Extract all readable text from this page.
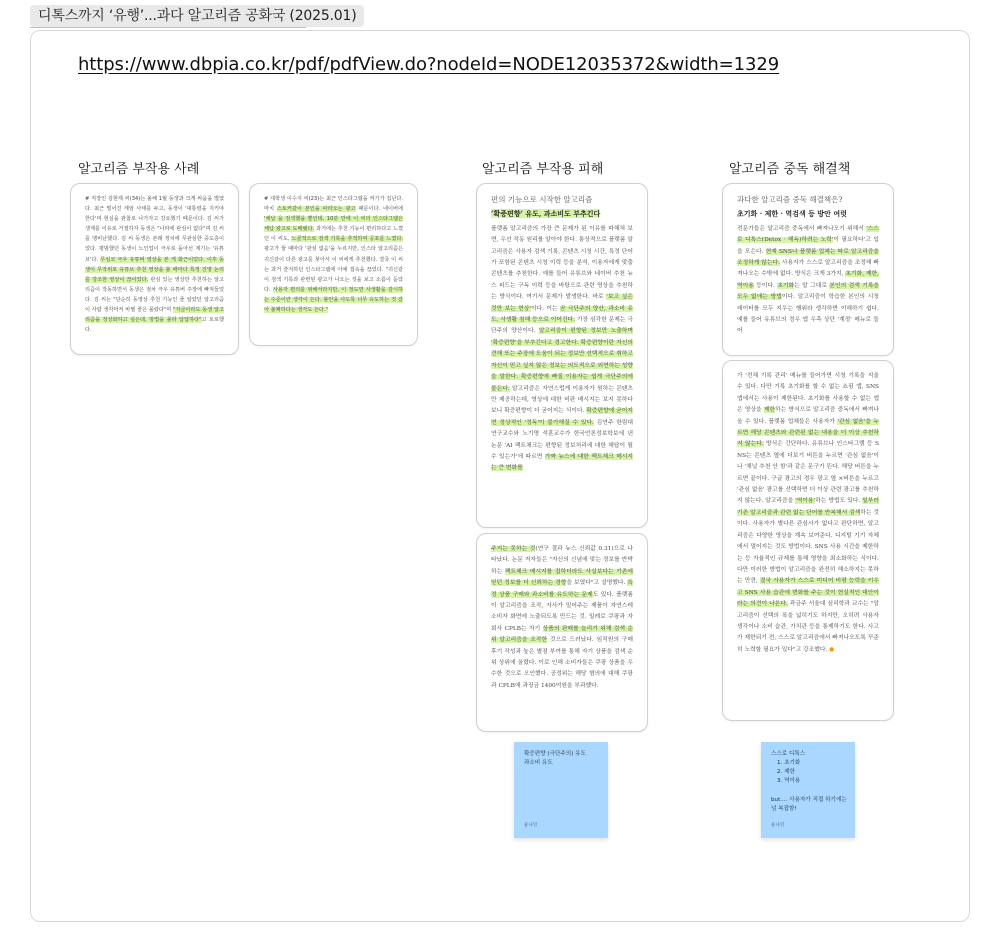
디톡스까지 ‘유행’...과다 알고리즘 공화국 (2025.01)
https://www.dbpia.co.kr/pdf/pdfView.do?nodeId=NODE12035372&width=1329
알고리즘 부작용 사례	알고리즘 부작용 피해	알고리즘 중독 해결책
# 직장인 김현재 씨(34)는 올해 1월 동생과 크게 싸움을 벌였다. 최근 벌어진 계엄 사태를 두고, 동생이 '대통령을 지키야 한다'며 현실을 관찰로 나가자고 강요했기 때문이다. 김 씨가 생계를 이유로 거절하자 동생은 "나라에 관심이 없다"며 김 씨를 맹비난했다. 김 씨 동생은 본래 정치에 무관심한 중도층이었다. 평범했던 동생이 노인업이 극우로 돌아선 계기는 '유튜브'다. 무심코 극우 유튜버 영상을 본 게 화근이었다. 이후 동생이 무작위로 유튜브 추천 영상을 볼 때마다 특정 진영 논리를 강조한 영상이 끊이었다. 관심 있는 영상만 추천하는 알고리즘이 작동하면서 동생은 점차 극우 유튜버 주장에 빠져들었다. 김 씨는 "단순히 동영상 추천 기능인 줄 알았던 알고리즘이 사람 생각마저 바뀔 줄은 몰랐다"며 "지금이라도 동생 알고리즘을 정상화하고 싶은데, 방법을 몰라 답답하다"고 토로했다.
# 대학생 이수지 씨(23)는 최근 인스타그램을 켜기가 겁난다. 마치 스토커같이 본인을 따라오는 광고 때문이다. 네이버에 '체납 을 검색했을 뿐인데, 10분 만에 이 씨의 인스타그램은 체납 광고로 도배됐다. 과거에는 추천 기능이 편리하다고 느꼈던 이 씨도, 노골적으로 검색 기록을 추적하며 공포를 느꼈다. 광고가 뜰 때마다 '관심 없음'을 누르지만, 인스타 알고리즘은 귀신같이 다른 광고를 찾아서 이 씨에게 추천했다. 결국 이 씨는 과거 즐겨하던 인스타그램에 아예 접속을 끊었다. "귀신같이 검색 기록과 관련된 광고가 나오는 것을 보고 소름이 돋았다. 사용자 편의를 위해서라지만, 이 정도면 사생활을 감시하는 수준이란 생각이 든다. 불안을 사도록 너무 유도하는 것 같아 불쾌하다는 생각도 든다."
편의 기능으로 시작한 알고리즘
‘확증편향’ 유도, 과소비도 부추긴다
플랫폼 알고리즘의 가장 큰 문제가 된 이유를 파헤쳐 보면, 우선 작동 원리를 알아야 한다. 통상적으로 플랫폼 알고리즘은 사용자 검색 기록, 콘텐츠 시청 시간, 특정 단어가 포함된 콘텐츠 시청 이력 등을 분석, 이용자에게 맞춤 콘텐츠를 추천한다. 예를 들어 유튜브와 네이버 추천 뉴스 피드는 구독 이력 등을 바탕으로 관련 영상을 추천하는 방식이다. 여기서 문제가 발생한다. 바로 '보고 싶은 것만 보는 현상'이다. 이는 곧 극단주의 양산, 과소비 유도, 사생활 침해 등으로 이어진다. 가장 심각한 문제는 극단주의 양산이다. 알고리즘이 편향된 정보만 노출하며 '확증편향'을 부추긴다고 경고한다. 확증편향이란 자신의 견해 또는 주장에 도움이 되는 정보만 선택적으로 취하고 자신이 믿고 싶지 않은 정보는 의도적으로 외면하는 성향을 말한다. 확증편향에 빠질 이용자는 쉽게 극단주의에 물든다. 알고리즘은 자연스럽게 이용자가 원하는 콘텐츠만 제공하는데, 영상에 대한 비판 메시지는 보지 못하다 보니 확증편향이 더 굳어지는 식이다. 확증편향에 굳어지면 정상적인 '정독'이 불가해질 수 있다. 김연주 한림대 연구교수와 노기영 석훈교수가 한국언론정보학보에 낸 논문 'AI 팩트체크는 편향된 정보처리에 대한 해답이 될 수 있는가'에 따르면 가짜 뉴스에 대한 팩트체크 메시지는 큰 변화를
주지는 못하는 것(연구 결과 뉴스 신뢰값 0.31)으로 나타났다. 논문 저자들은 "자신의 신념에 맞는 정보를 반박하는 팩트체크 메시지를 접하더라도 사실보다는 기존에 믿던 정보를 더 신뢰하는 경향을 보였다"고 설명했다. 특정 상품 구매와 과소비를 유도하는 문제도 있다. 플랫폼이 알고리즘을 조작, 자사가 밀어주는 제품이 자연스레 소비자 화면에 노출되도록 만드는 것. 일례로 쿠팡과 자회사 CPLB는 자기 상품의 판매를 늘리기 위해 검색 순위 알고리즘을 조작한 것으로 드러났다. 임직원의 구매 후기 작성과 높은 별점 부여를 통해 자기 상품을 검색 순위 상위에 올렸다. 이로 인해 소비자들은 쿠팡 상품을 우수한 것으로 오인했다. 공정위는 해당 혐의에 대해 쿠팡과 CPLB에 과징금 1400억원을 부과했다.
과다한 알고리즘 중독 해결책은?
초기화 · 제한 · 역검색 등 방안 여럿
전문가들은 알고리즘 중독에서 빠져나오기 위해서 '스스로 디톡스(Detox · 해독)하려는 노력'이 필요하다'고 입을 모은다. 현재 SNS나 플랫폼 업체는 따로 알고리즘을 조정하게 않는다. 사용자가 스스로 알고리즘을 조정해 빠져나오는 수밖에 없다. 방식은 크게 3가지, 초기화, 제한, 역이용 등이다. 초기화는 말 그대로 본인의 검색 기록을 모두 없애는 방법이다. 알고리즘이 학습한 본인의 시청 데이터를 모두 지우는 행위라 생각하면 이해하기 쉽다. 예를 들어 유튜브의 경우 앱 우측 상단 '계정' 메뉴로 들어
가 '전체 기록 관리' 메뉴를 들어가면 시청 기록을 지울 수 있다. 다만 기록 초기화를 할 수 없는 쇼핑 앱, SNS 앱에서는 사용이 제한된다. 초기화를 사용할 수 없는 앱은 영상을 제한하는 방식으로 알고리즘 중독에서 빠져나올 수 있다. 플랫폼 업체들은 사용자가 '관심 없음'을 누르면 해당 콘텐츠와 관련된 없는 내용을 더 이상 추천하지 않는다. 방식은 간단하다. 유튜브나 인스타그램 등 SNS는 콘텐츠 옆에 더보기 버튼을 누르면 '관심 없음'이나 '채널 추천 안 함'과 같은 문구가 뜬다. 해당 버튼을 누르면 끝이다. 구글 광고의 경우 광고 옆 ×버튼을 누르고 '관심 없음' 광고를 선택하면 더 이상 관련 광고를 추천하지 않는다. 알고리즘을 '역이용'하는 방법도 있다. 일부러 기존 알고리즘과 관련 없는 단어를 반복해서 검색하는 것이다. 사용자가 별다른 관심사가 없다고 판단하면, 알고리즘은 다양한 영상을 계속 보여준다. 디지털 기기 자체에서 멀어지는 것도 방법이다. SNS 사용 시간을 제한하는 등 자율적인 규제를 통해 영향을 최소화하는 식이다. 다만 이러한 방법이 알고리즘을 완전히 해소하지는 못하는 만큼, 결국 사용자가 스스로 미디어 비평 능력을 키우고 SNS 사용 습관에 변화를 주는 것이 현실적인 대안이라는 의견이 나온다. 곽금주 서울대 심리학과 교수는 "알고리즘이 선택의 폭을 넓히기도 하지만, 오히려 사용자 생각이나 소비 습관, 가치관 등을 통제하기도 한다. 사고가 제한되기 전, 스스로 알고리즘에서 빠져나오도록 꾸준히 노력할 필요가 있다"고 강조했다. ●
확증편향 (극단주의) 유도
과소비 유도
윤나연
스스로 디톡스
1. 초기화
2. 제한
3. 역이용
but.... 사용자가 직접 하기에는 넘 복잡함!
윤나연
